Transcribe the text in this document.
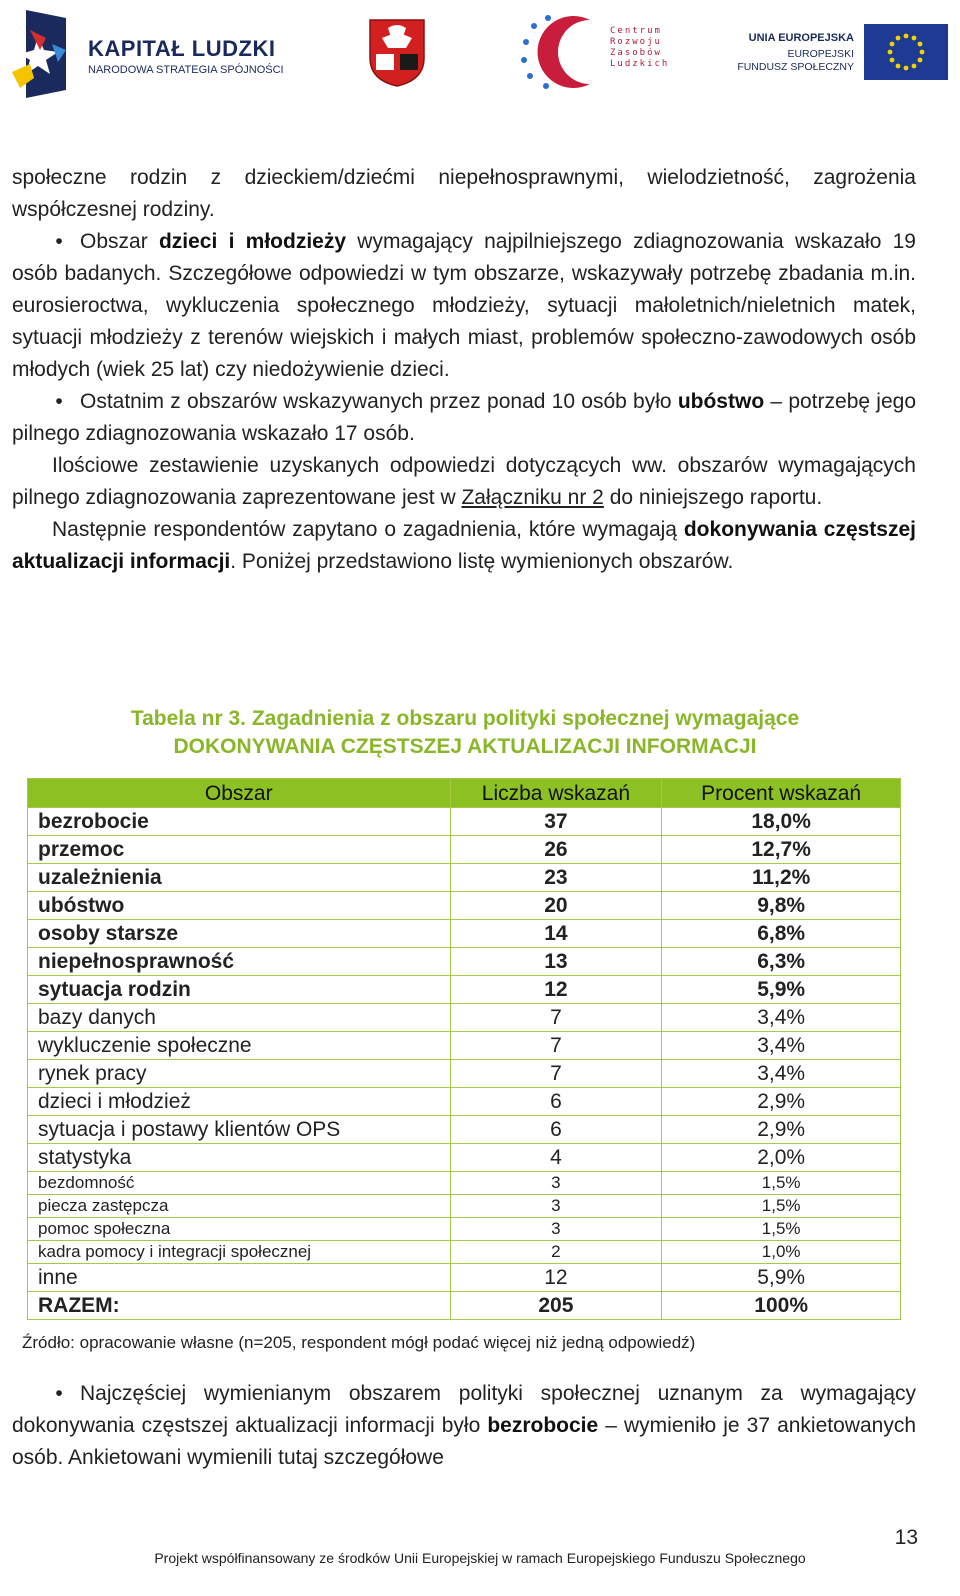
KAPITAŁ LUDZKI
NARODOWA STRATEGIA SPÓJNOŚCI
Centrum Rozwoju Zasobów Ludzkich
UNIA EUROPEJSKA
EUROPEJSKI
FUNDUSZ SPOŁECZNY

społeczne rodzin z dzieckiem/dziećmi niepełnosprawnymi, wielodzietność, zagrożenia współczesnej rodziny.

• Obszar dzieci i młodzieży wymagający najpilniejszego zdiagnozowania wskazało 19 osób badanych. Szczegółowe odpowiedzi w tym obszarze, wskazywały potrzebę zbadania m.in. eurosieroctwa, wykluczenia społecznego młodzieży, sytuacji małoletnich/nieletnich matek, sytuacji młodzieży z terenów wiejskich i małych miast, problemów społeczno-zawodowych osób młodych (wiek 25 lat) czy niedożywienie dzieci.

• Ostatnim z obszarów wskazywanych przez ponad 10 osób było ubóstwo – potrzebę jego pilnego zdiagnozowania wskazało 17 osób.

Ilościowe zestawienie uzyskanych odpowiedzi dotyczących ww. obszarów wymagających pilnego zdiagnozowania zaprezentowane jest w Załączniku nr 2 do niniejszego raportu.

Następnie respondentów zapytano o zagadnienia, które wymagają dokonywania częstszej aktualizacji informacji. Poniżej przedstawiono listę wymienionych obszarów.

Tabela nr 3. Zagadnienia z obszaru polityki społecznej wymagające
DOKONYWANIA CZĘSTSZEJ AKTUALIZACJI INFORMACJI
Obszar	Liczba wskazań	Procent wskazań
bezrobocie	37	18,0%
przemoc	26	12,7%
uzależnienia	23	11,2%
ubóstwo	20	9,8%
osoby starsze	14	6,8%
niepełnosprawność	13	6,3%
sytuacja rodzin	12	5,9%
bazy danych	7	3,4%
wykluczenie społeczne	7	3,4%
rynek pracy	7	3,4%
dzieci i młodzież	6	2,9%
sytuacja i postawy klientów OPS	6	2,9%
statystyka	4	2,0%
bezdomność	3	1,5%
piecza zastępcza	3	1,5%
pomoc społeczna	3	1,5%
kadra pomocy i integracji społecznej	2	1,0%
inne	12	5,9%
RAZEM:	205	100%
Źródło: opracowanie własne (n=205, respondent mógł podać więcej niż jedną odpowiedź)

• Najczęściej wymienianym obszarem polityki społecznej uznanym za wymagający dokonywania częstszej aktualizacji informacji było bezrobocie – wymieniło je 37 ankietowanych osób. Ankietowani wymienili tutaj szczegółowe

13
Projekt współfinansowany ze środków Unii Europejskiej w ramach Europejskiego Funduszu Społecznego
